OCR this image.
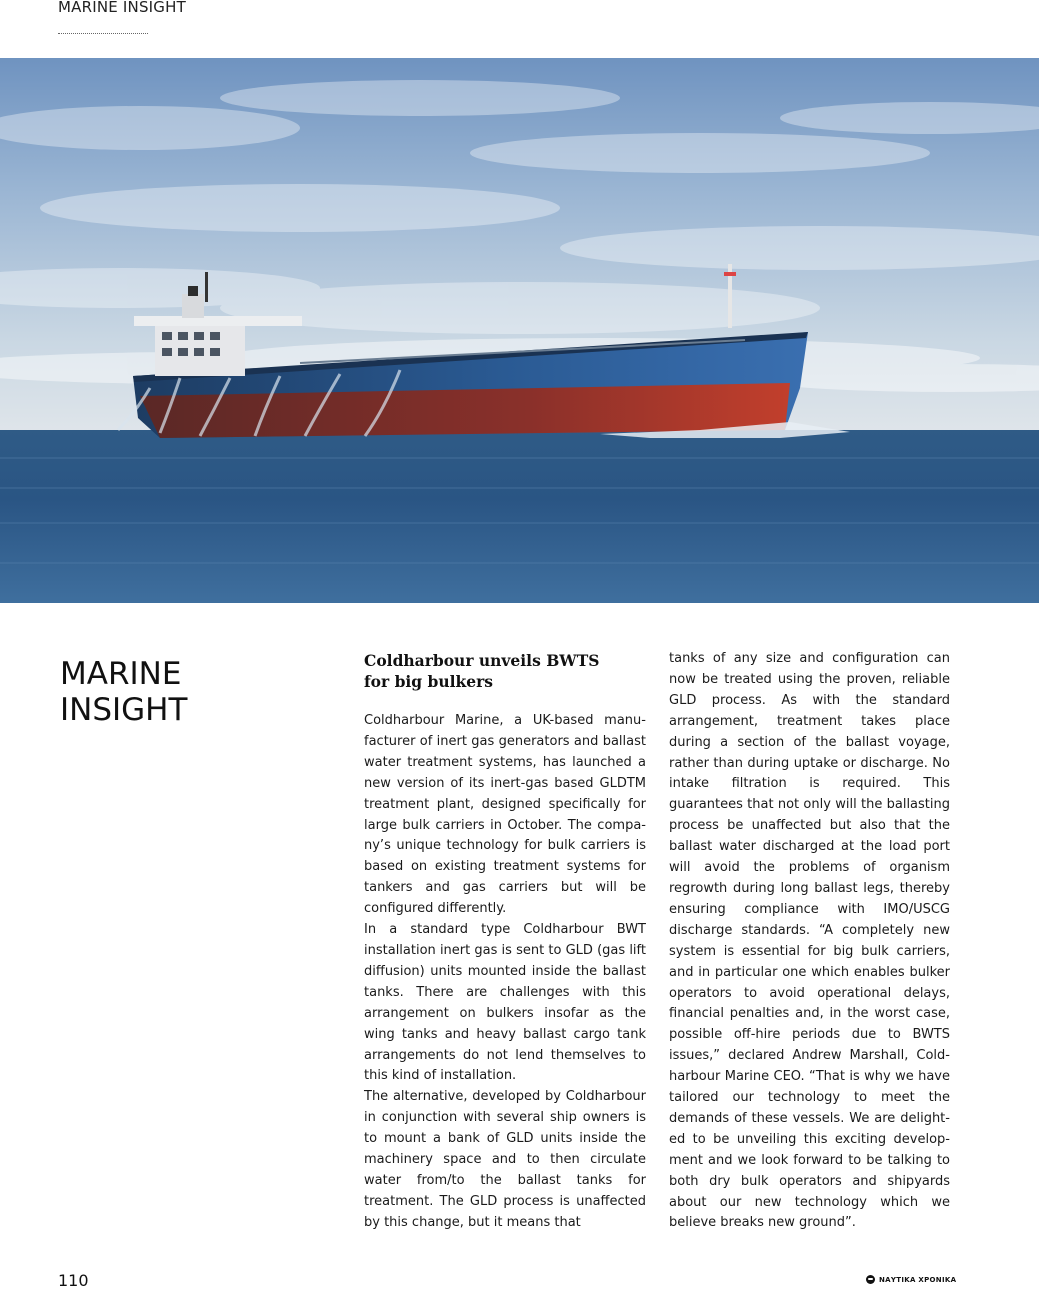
MARINE INSIGHT
MARINE
INSIGHT
Coldharbour unveils BWTS
for big bulkers

Coldharbour Marine, a UK-based manufacturer of inert gas generators and ballast water treatment systems, has launched a new version of its inert-gas based GLDTM treatment plant, designed specifically for large bulk carriers in October. The company’s unique technology for bulk carriers is based on existing treatment systems for tankers and gas carriers but will be configured differently.

In a standard type Coldharbour BWT installation inert gas is sent to GLD (gas lift diffusion) units mounted inside the ballast tanks. There are challenges with this arrangement on bulkers insofar as the wing tanks and heavy ballast cargo tank arrangements do not lend themselves to this kind of installation.

The alternative, developed by Coldharbour in conjunction with several ship owners is to mount a bank of GLD units inside the machinery space and to then circulate water from/to the ballast tanks for treatment. The GLD process is unaffected by this change, but it means that

tanks of any size and configuration can now be treated using the proven, reliable GLD process. As with the standard arrangement, treatment takes place during a section of the ballast voyage, rather than during uptake or discharge. No intake filtration is required. This guarantees that not only will the ballasting process be unaffected but also that the ballast water discharged at the load port will avoid the problems of organism regrowth during long ballast legs, thereby ensuring compliance with IMO/USCG discharge standards. “A completely new system is essential for big bulk carriers, and in particular one which enables bulker operators to avoid operational delays, financial penalties and, in the worst case, possible off-hire periods due to BWTS issues,” declared Andrew Marshall, Coldharbour Marine CEO. “That is why we have tailored our technology to meet the demands of these vessels. We are delighted to be unveiling this exciting development and we look forward to be talking to both dry bulk operators and shipyards about our new technology which we believe breaks new ground”.

110	ΝΑΥΤΙΚΑ ΧΡΟΝΙΚΑ
